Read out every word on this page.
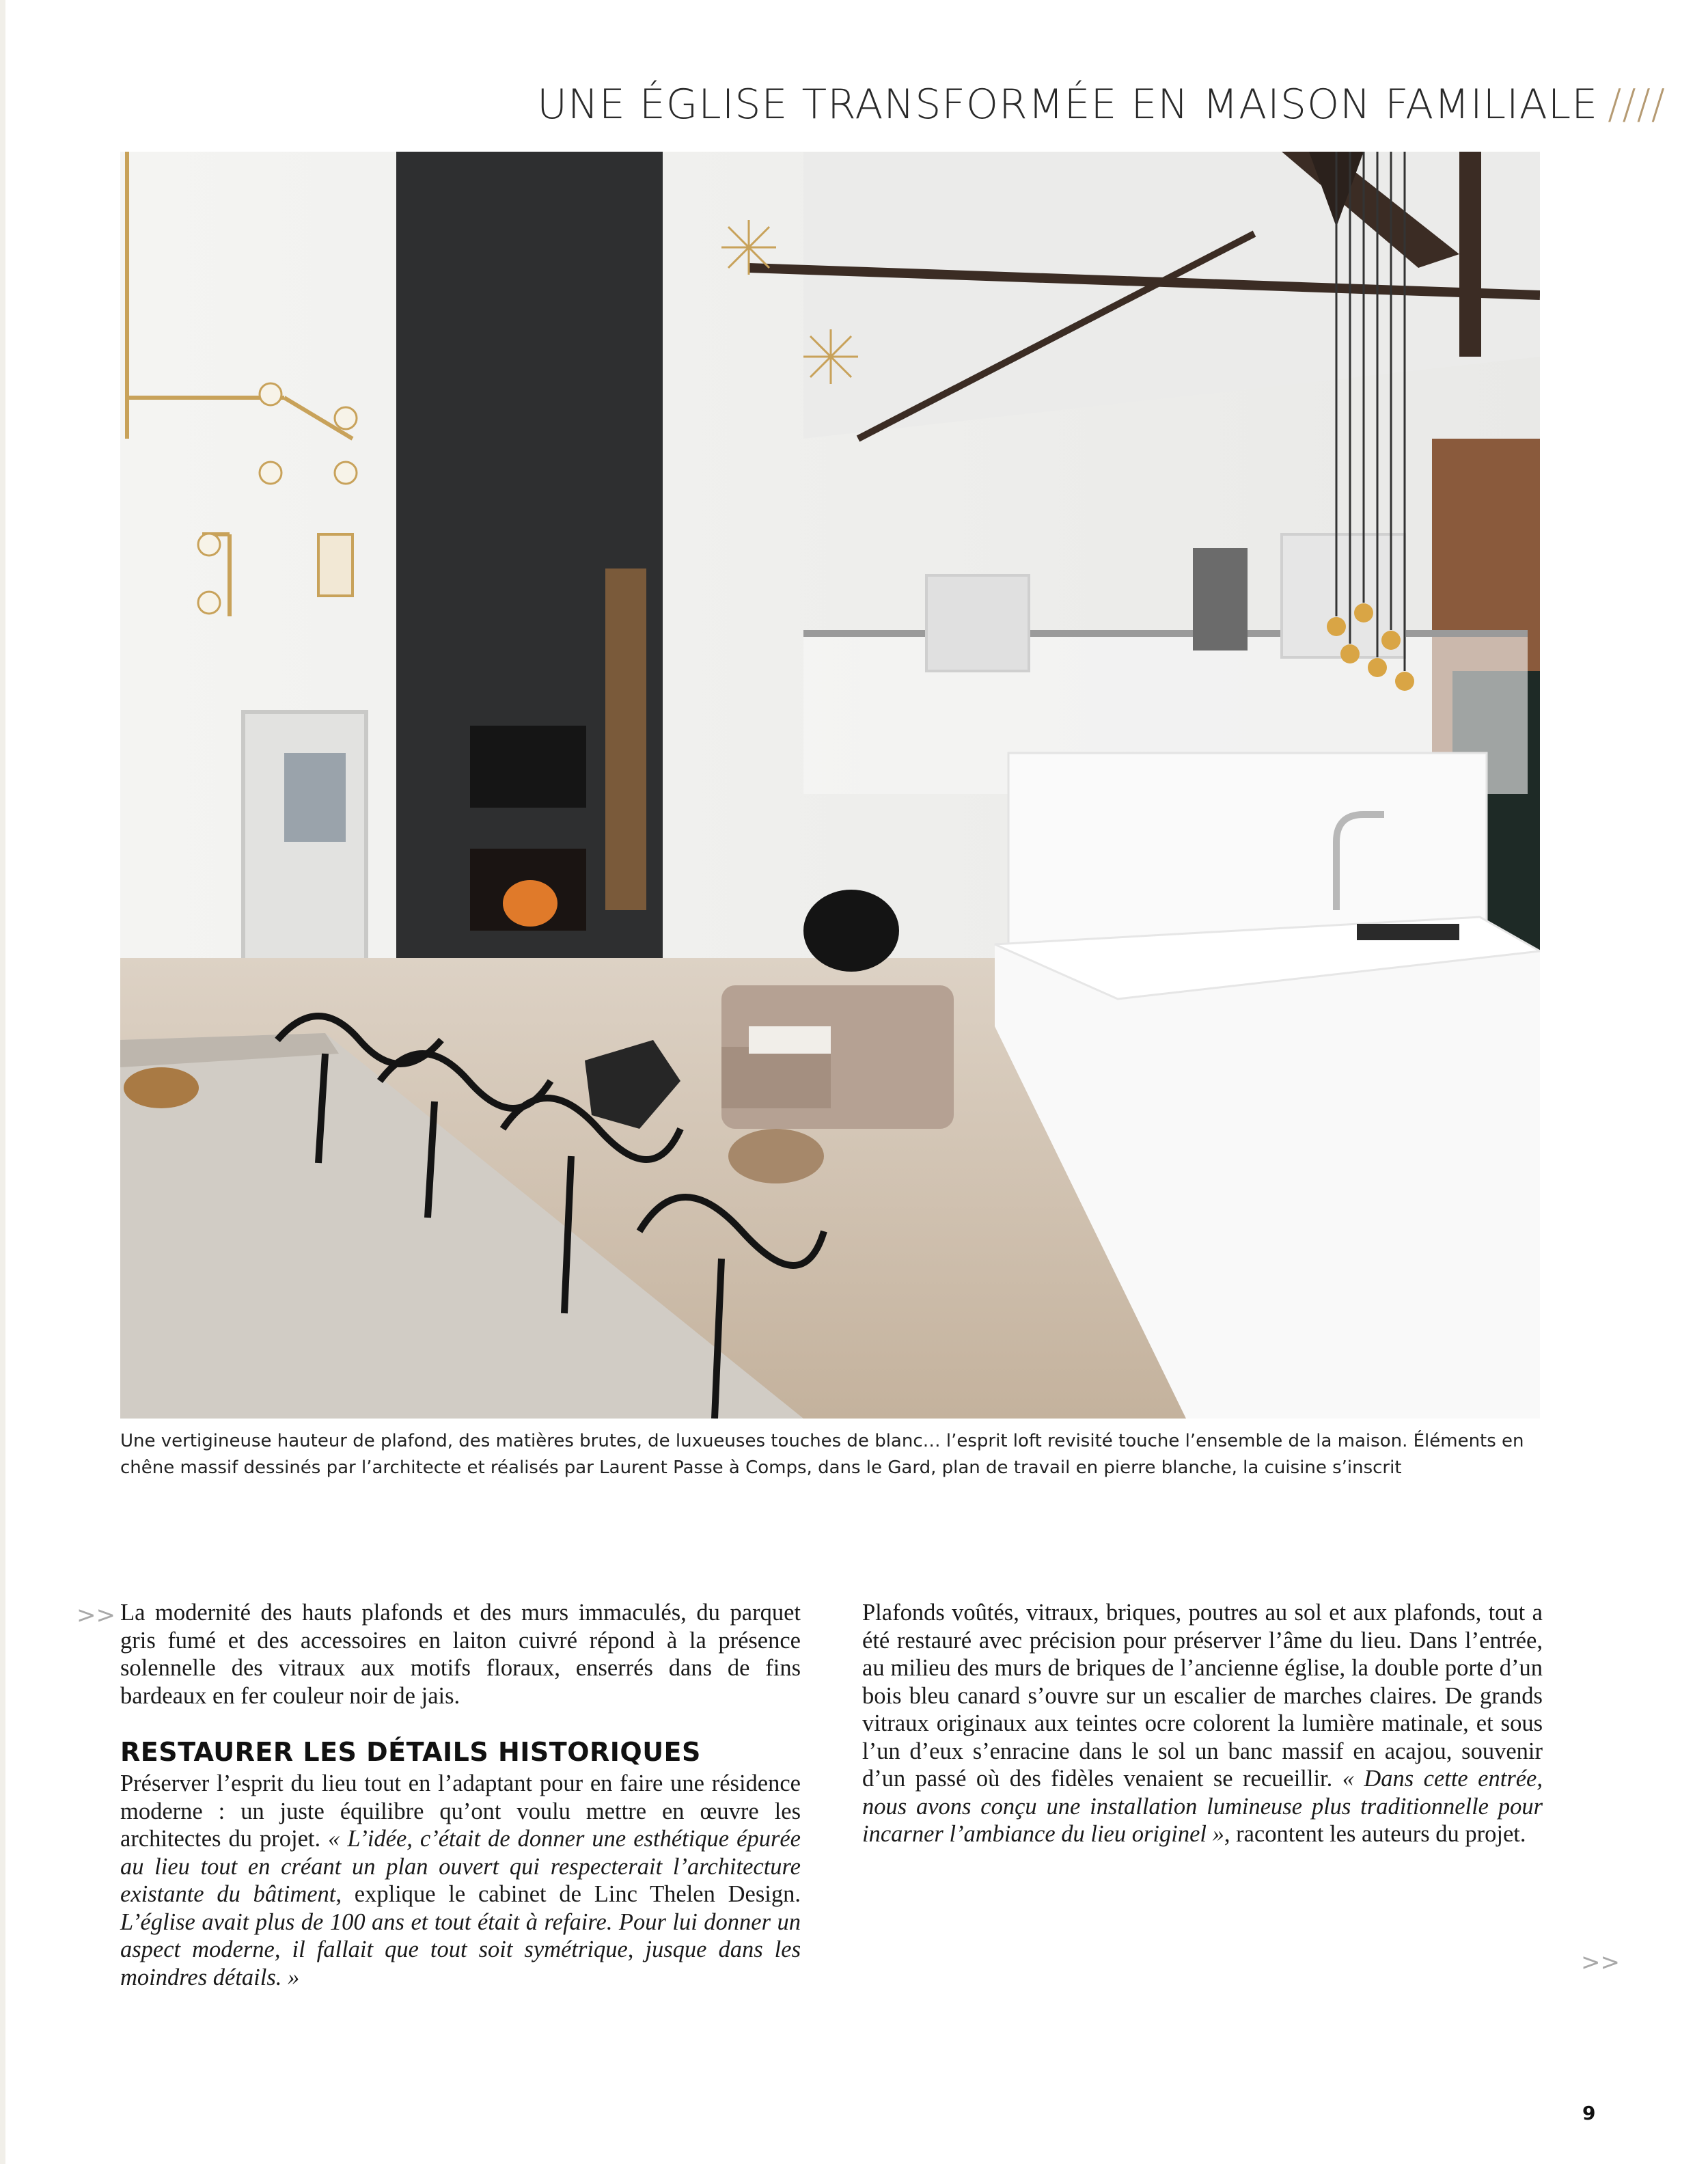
UNE ÉGLISE TRANSFORMÉE EN MAISON FAMILIALE ////
Une vertigineuse hauteur de plafond, des matières brutes, de luxueuses touches de blanc… l’esprit loft revisité touche l’ensemble de la maison. Éléments en chêne massif dessinés par l’architecte et réalisés par Laurent Passe à Comps, dans le Gard, plan de travail en pierre blanche, la cuisine s’inscrit
>> La modernité des hauts plafonds et des murs immaculés, du parquet gris fumé et des accessoires en laiton cuivré répond à la présence solennelle des vitraux aux motifs floraux, enserrés dans de fins bardeaux en fer couleur noir de jais.

RESTAURER LES DÉTAILS HISTORIQUES

Préserver l’esprit du lieu tout en l’adaptant pour en faire une résidence moderne : un juste équilibre qu’ont voulu mettre en œuvre les architectes du projet. « L’idée, c’était de donner une esthétique épurée au lieu tout en créant un plan ouvert qui respecterait l’architecture existante du bâtiment, explique le cabinet de Linc Thelen Design. L’église avait plus de 100 ans et tout était à refaire. Pour lui donner un aspect moderne, il fallait que tout soit symétrique, jusque dans les moindres détails. »

Plafonds voûtés, vitraux, briques, poutres au sol et aux plafonds, tout a été restauré avec précision pour préserver l’âme du lieu. Dans l’entrée, au milieu des murs de briques de l’ancienne église, la double porte d’un bois bleu canard s’ouvre sur un escalier de marches claires. De grands vitraux originaux aux teintes ocre colorent la lumière matinale, et sous l’un d’eux s’enracine dans le sol un banc massif en acajou, souvenir d’un passé où des fidèles venaient se recueillir. « Dans cette entrée, nous avons conçu une installation lumineuse plus traditionnelle pour incarner l’ambiance du lieu originel », racontent les auteurs du projet.

>>
9
